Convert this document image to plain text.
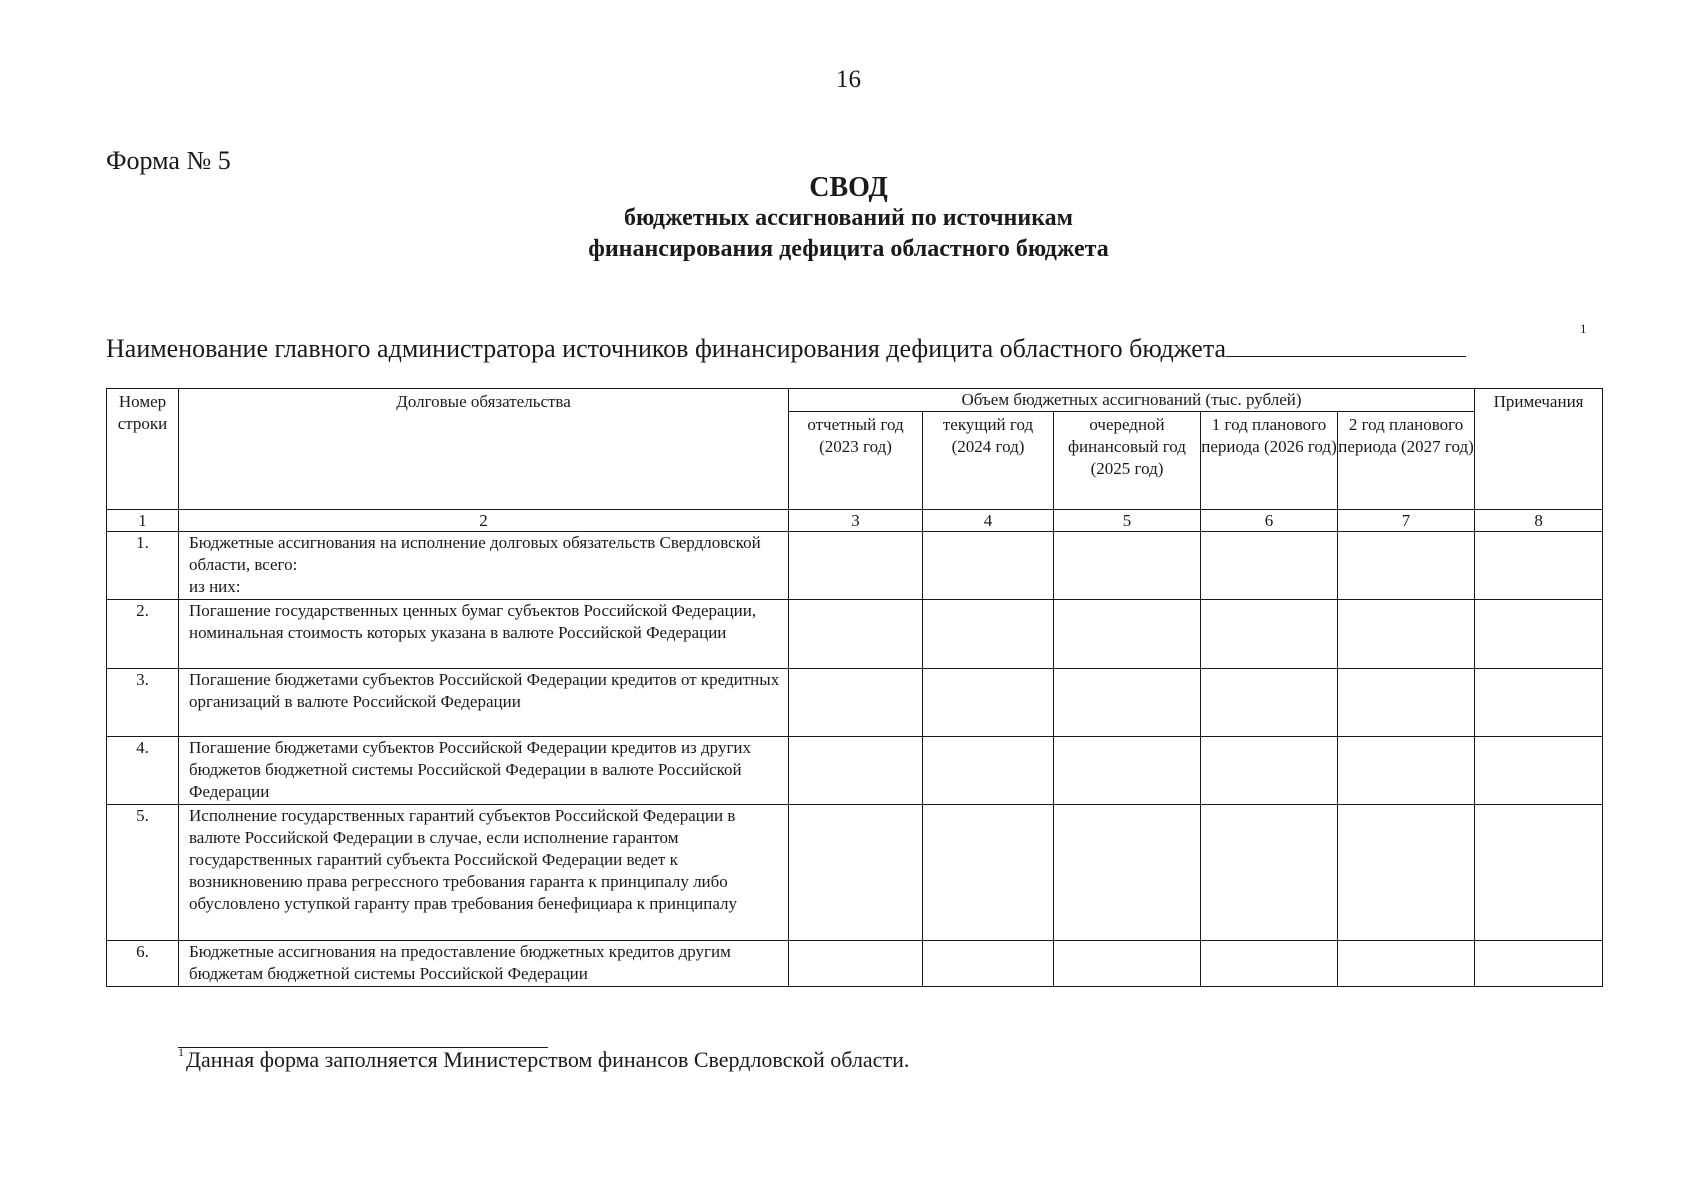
16
Форма № 5
СВОД
бюджетных ассигнований по источникам
финансирования дефицита областного бюджета
Наименование главного администратора источников финансирования дефицита областного бюджета
1
Номер строки	Долговые обязательства	Объем бюджетных ассигнований (тыс. рублей)					Примечания
		отчетный год (2023 год)	текущий год (2024 год)	очередной финансовый год (2025 год)	1 год планового периода (2026 год)	2 год планового периода (2027 год)	
1	2	3	4	5	6	7	8
1.	Бюджетные ассигнования на исполнение долговых обязательств Свердловской области, всего:
из них:						
2.	Погашение государственных ценных бумаг субъектов Российской Федерации, номинальная стоимость которых указана в валюте Российской Федерации						
3.	Погашение бюджетами субъектов Российской Федерации кредитов от кредитных организаций в валюте Российской Федерации						
4.	Погашение бюджетами субъектов Российской Федерации кредитов из других бюджетов бюджетной системы Российской Федерации в валюте Российской Федерации						
5.	Исполнение государственных гарантий субъектов Российской Федерации в валюте Российской Федерации в случае, если исполнение гарантом государственных гарантий субъекта Российской Федерации ведет к возникновению права регрессного требования гаранта к принципалу либо обусловлено уступкой гаранту прав требования бенефициара к принципалу						
6.	Бюджетные ассигнования на предоставление бюджетных кредитов другим бюджетам бюджетной системы Российской Федерации						
$^1$Данная форма заполняется Министерством финансов Свердловской области.
